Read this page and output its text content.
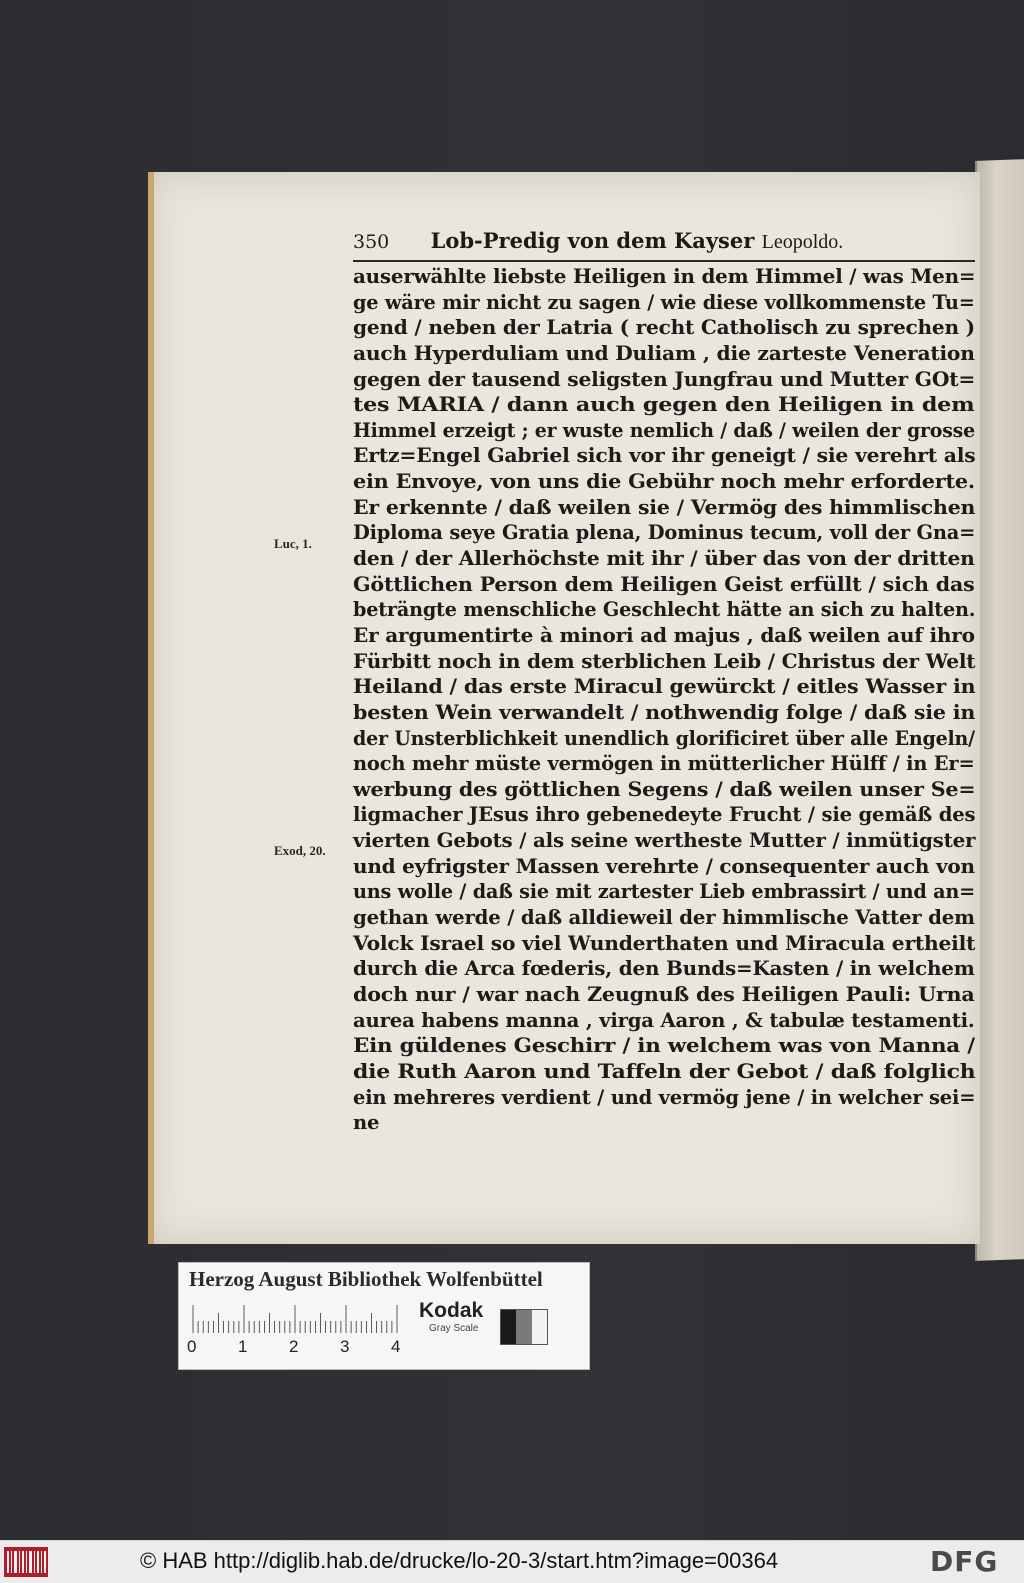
350 Lob-Predig von dem Kayser Leopoldo.
auserwählte liebste Heiligen in dem Himmel / was Men=
ge wäre mir nicht zu sagen / wie diese vollkommenste Tu=
gend / neben der Latria ( recht Catholisch zu sprechen )
auch Hyperduliam und Duliam , die zarteste Veneration
gegen der tausend seligsten Jungfrau und Mutter GOt=
tes MARIA / dann auch gegen den Heiligen in dem
Himmel erzeigt ; er wuste nemlich / daß / weilen der grosse
Ertz=Engel Gabriel sich vor ihr geneigt / sie verehrt als
ein Envoye, von uns die Gebühr noch mehr erforderte.
Er erkennte / daß weilen sie / Vermög des himmlischen
Diploma seye Gratia plena, Dominus tecum, voll der Gna=
den / der Allerhöchste mit ihr / über das von der dritten
Göttlichen Person dem Heiligen Geist erfüllt / sich das
beträngte menschliche Geschlecht hätte an sich zu halten.
Er argumentirte à minori ad majus , daß weilen auf ihro
Fürbitt noch in dem sterblichen Leib / Christus der Welt
Heiland / das erste Miracul gewürckt / eitles Wasser in
besten Wein verwandelt / nothwendig folge / daß sie in
der Unsterblichkeit unendlich glorificiret über alle Engeln/
noch mehr müste vermögen in mütterlicher Hülff / in Er=
werbung des göttlichen Segens / daß weilen unser Se=
ligmacher JEsus ihro gebenedeyte Frucht / sie gemäß des
vierten Gebots / als seine wertheste Mutter / inmütigster
und eyfrigster Massen verehrte / consequenter auch von
uns wolle / daß sie mit zartester Lieb embrassirt / und an=
gethan werde / daß alldieweil der himmlische Vatter dem
Volck Israel so viel Wunderthaten und Miracula ertheilt
durch die Arca fœderis, den Bunds=Kasten / in welchem
doch nur / war nach Zeugnuß des Heiligen Pauli: Urna
aurea habens manna , virga Aaron , & tabulæ testamenti.
Ein güldenes Geschirr / in welchem was von Manna /
die Ruth Aaron und Taffeln der Gebot / daß folglich
ein mehreres verdient / und vermög jene / in welcher sei=
ne
Luc, 1.
Exod, 20.
Herzog August Bibliothek Wolfenbüttel
0 1 2 3 4
Kodak
Gray Scale
© HAB http://diglib.hab.de/drucke/lo-20-3/start.htm?image=00364	DFG
